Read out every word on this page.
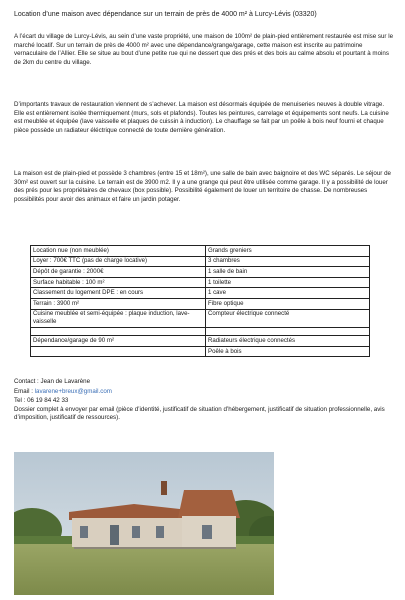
Location d’une maison avec dépendance sur un terrain de près de 4000 m² à Lurcy-Lévis (03320)

A l’écart du village de Lurcy-Lévis, au sein d’une vaste propriété, une maison de 100m² de plain-pied entièrement restaurée est mise sur le marché locatif. Sur un terrain de près de 4000 m² avec une dépendance/grange/garage, cette maison est inscrite au patrimoine vernaculaire de l’Allier. Elle se situe au bout d’une petite rue qui ne dessert que des prés et des bois au calme absolu et pourtant à moins de 2km du centre du village.

D’importants travaux de restauration viennent de s’achever. La maison est désormais équipée de menuiseries neuves à double vitrage. Elle est entièrement isolée thermiquement (murs, sols et plafonds). Toutes les peintures, carrelage et équipements sont neufs. La cuisine est meublée et équipée (lave vaisselle et plaques de cuissin à induction). Le chauffage se fait par un poêle à bois neuf fourni et chaque pièce possède un radiateur éléctrique connecté de toute dernière génération.

La maison est de plain-pied et possède 3 chambres (entre 15 et 18m²), une salle de bain avec baignoire et des WC séparés. Le séjour de 30m² est ouvert sur la cuisine. Le terrain est de 3900 m2. Il y a une grange qui peut être utilisée comme garage. Il y a possibilité de louer des prés pour les propriétaires de chevaux (box possible). Possibilité également de louer un territoire de chasse. De nombreuses possibilités pour avoir des animaux et faire un jardin potager.

Location nue (non meublée)	Grands greniers
Loyer : 700€ TTC (pas de charge locative)	3 chambres
Dépôt de garantie : 2000€	1 salle de bain
Surface habitable : 100 m²	1 toilette
Classement du logement DPE : en cours	1 cave
Terrain : 3900 m²	Fibre optique
Cuisine meublée et semi-équipée : plaque induction, lave-vaisselle	Compteur électrique connecté

Dépendance/garage de 90 m²	Radiateurs électrique connectés
	Poêle à bois
Contact : Jean de Lavarène
Email : lavarene+breux@gmail.com
Tel : 06 19 84 42 33
Dossier complet à envoyer par email (pièce d’identité, justificatif de situation d’hébergement, justificatif de situation professionnelle, avis d’imposition, justificatif de ressources).
